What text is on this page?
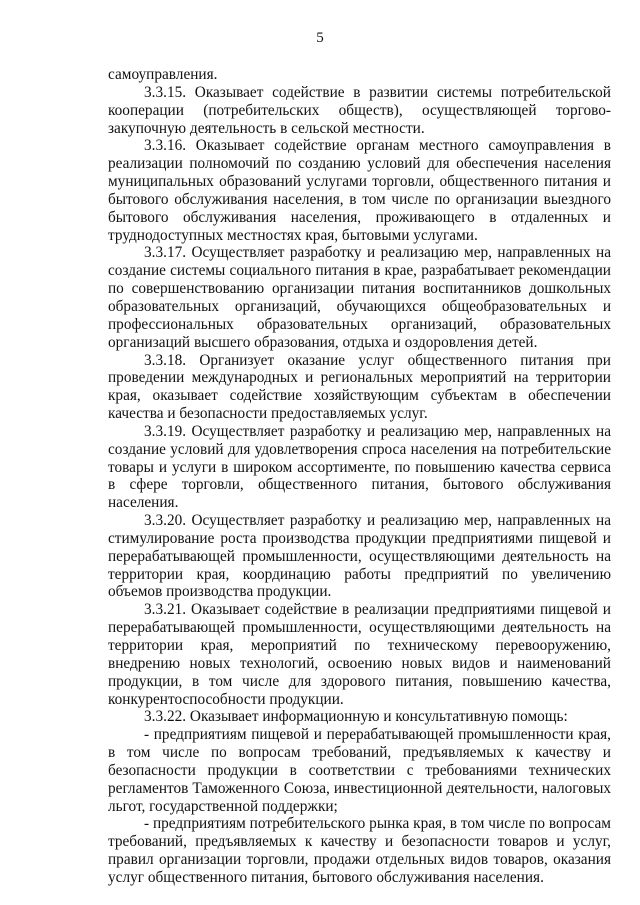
5

самоуправления.

3.3.15. Оказывает содействие в развитии системы потребительской кооперации (потребительских обществ), осуществляющей торгово-закупочную деятельность в сельской местности.

3.3.16. Оказывает содействие органам местного самоуправления в реализации полномочий по созданию условий для обеспечения населения муниципальных образований услугами торговли, общественного питания и бытового обслуживания населения, в том числе по организации выездного бытового обслуживания населения, проживающего в отдаленных и труднодоступных местностях края, бытовыми услугами.

3.3.17. Осуществляет разработку и реализацию мер, направленных на создание системы социального питания в крае, разрабатывает рекомендации по совершенствованию организации питания воспитанников дошкольных образовательных организаций, обучающихся общеобразовательных и профессиональных образовательных организаций, образовательных организаций высшего образования, отдыха и оздоровления детей.

3.3.18. Организует оказание услуг общественного питания при проведении международных и региональных мероприятий на территории края, оказывает содействие хозяйствующим субъектам в обеспечении качества и безопасности предоставляемых услуг.

3.3.19. Осуществляет разработку и реализацию мер, направленных на создание условий для удовлетворения спроса населения на потребительские товары и услуги в широком ассортименте, по повышению качества сервиса в сфере торговли, общественного питания, бытового обслуживания населения.

3.3.20. Осуществляет разработку и реализацию мер, направленных на стимулирование роста производства продукции предприятиями пищевой и перерабатывающей промышленности, осуществляющими деятельность на территории края, координацию работы предприятий по увеличению объемов производства продукции.

3.3.21. Оказывает содействие в реализации предприятиями пищевой и перерабатывающей промышленности, осуществляющими деятельность на территории края, мероприятий по техническому перевооружению, внедрению новых технологий, освоению новых видов и наименований продукции, в том числе для здорового питания, повышению качества, конкурентоспособности продукции.

3.3.22. Оказывает информационную и консультативную помощь:

- предприятиям пищевой и перерабатывающей промышленности края, в том числе по вопросам требований, предъявляемых к качеству и безопасности продукции в соответствии с требованиями технических регламентов Таможенного Союза, инвестиционной деятельности, налоговых льгот, государственной поддержки;

- предприятиям потребительского рынка края, в том числе по вопросам требований, предъявляемых к качеству и безопасности товаров и услуг, правил организации торговли, продажи отдельных видов товаров, оказания услуг общественного питания, бытового обслуживания населения.
